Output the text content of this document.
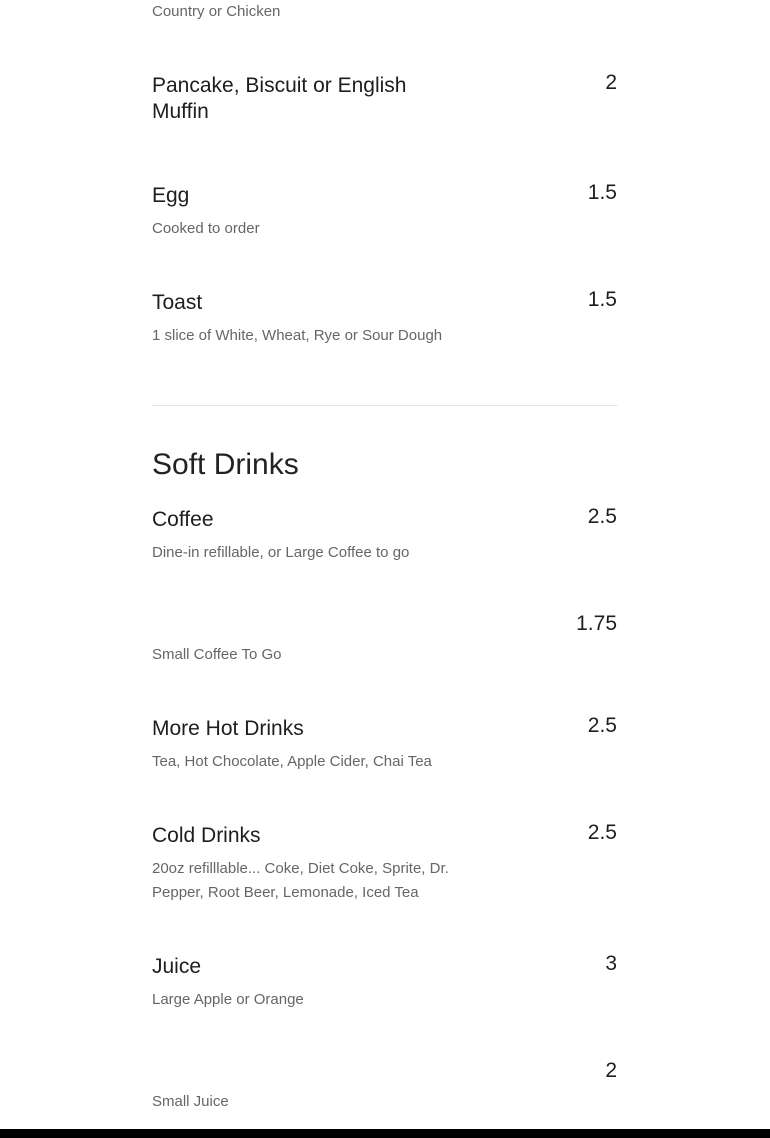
Country or Chicken
Pancake, Biscuit or English
Muffin
2
Egg	1.5
Cooked to order
Toast	1.5
1 slice of White, Wheat, Rye or Sour Dough
Soft Drinks
Coffee	2.5
Dine-in refillable, or Large Coffee to go
1.75
Small Coffee To Go
More Hot Drinks	2.5
Tea, Hot Chocolate, Apple Cider, Chai Tea
Cold Drinks	2.5
20oz refilllable... Coke, Diet Coke, Sprite, Dr.
Pepper, Root Beer, Lemonade, Iced Tea
Juice	3
Large Apple or Orange
2
Small Juice
